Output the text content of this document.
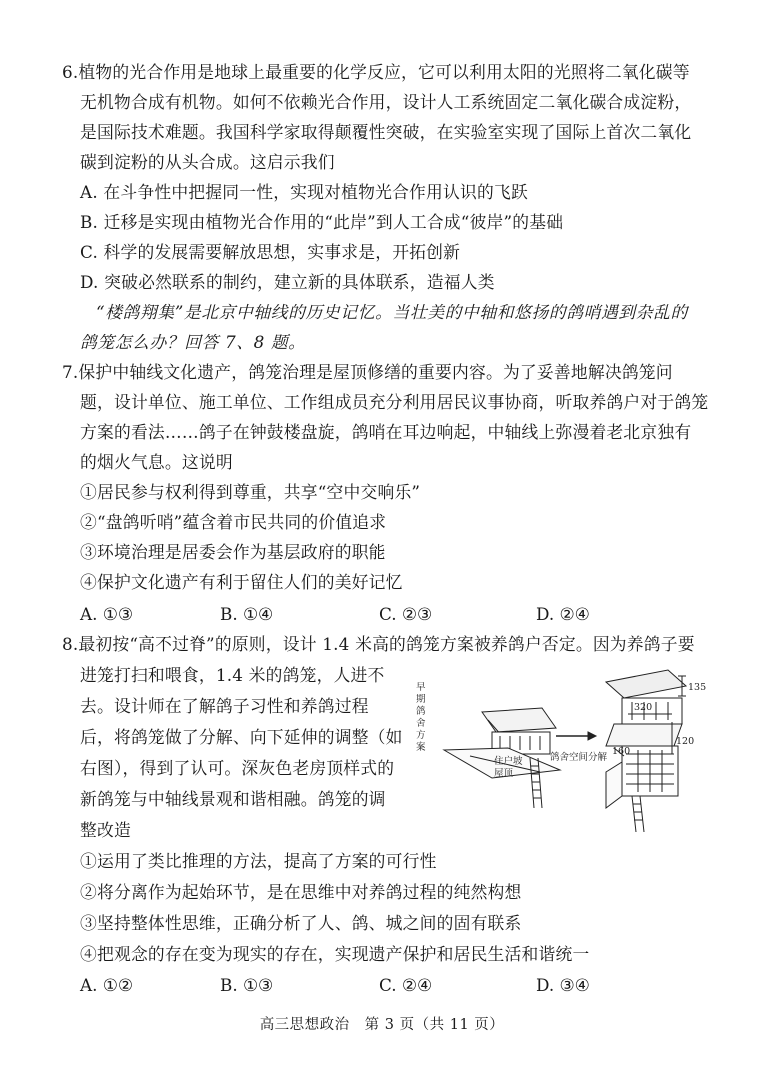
6.植物的光合作用是地球上最重要的化学反应，它可以利用太阳的光照将二氧化碳等
无机物合成有机物。如何不依赖光合作用，设计人工系统固定二氧化碳合成淀粉，
是国际技术难题。我国科学家取得颠覆性突破，在实验室实现了国际上首次二氧化
碳到淀粉的从头合成。这启示我们
A. 在斗争性中把握同一性，实现对植物光合作用认识的飞跃
B. 迁移是实现由植物光合作用的“此岸”到人工合成“彼岸”的基础
C. 科学的发展需要解放思想，实事求是，开拓创新
D. 突破必然联系的制约，建立新的具体联系，造福人类
“楼鸽翔集”是北京中轴线的历史记忆。当壮美的中轴和悠扬的鸽哨遇到杂乱的
鸽笼怎么办？回答 7、8 题。
7.保护中轴线文化遗产，鸽笼治理是屋顶修缮的重要内容。为了妥善地解决鸽笼问
题，设计单位、施工单位、工作组成员充分利用居民议事协商，听取养鸽户对于鸽笼
方案的看法……鸽子在钟鼓楼盘旋，鸽哨在耳边响起，中轴线上弥漫着老北京独有
的烟火气息。这说明
①居民参与权利得到尊重，共享“空中交响乐”
②“盘鸽听哨”蕴含着市民共同的价值追求
③环境治理是居委会作为基层政府的职能
④保护文化遗产有利于留住人们的美好记忆
A. ①③	B. ①④	C. ②③	D. ②④
8.最初按“高不过脊”的原则，设计 1.4 米高的鸽笼方案被养鸽户否定。因为养鸽子要
进笼打扫和喂食，1.4 米的鸽笼，人进不
去。设计师在了解鸽子习性和养鸽过程
后，将鸽笼做了分解、向下延伸的调整（如
右图），得到了认可。深灰色老房顶样式的
新鸽笼与中轴线景观和谐相融。鸽笼的调
整改造
早
期
鸽
舍
方
案
住户坡
屋顶
鸽舍空间分解
135
320
120
160
①运用了类比推理的方法，提高了方案的可行性
②将分离作为起始环节，是在思维中对养鸽过程的纯然构想
③坚持整体性思维，正确分析了人、鸽、城之间的固有联系
④把观念的存在变为现实的存在，实现遗产保护和居民生活和谐统一
A. ①②	B. ①③	C. ②④	D. ③④
高三思想政治　第 3 页（共 11 页）
